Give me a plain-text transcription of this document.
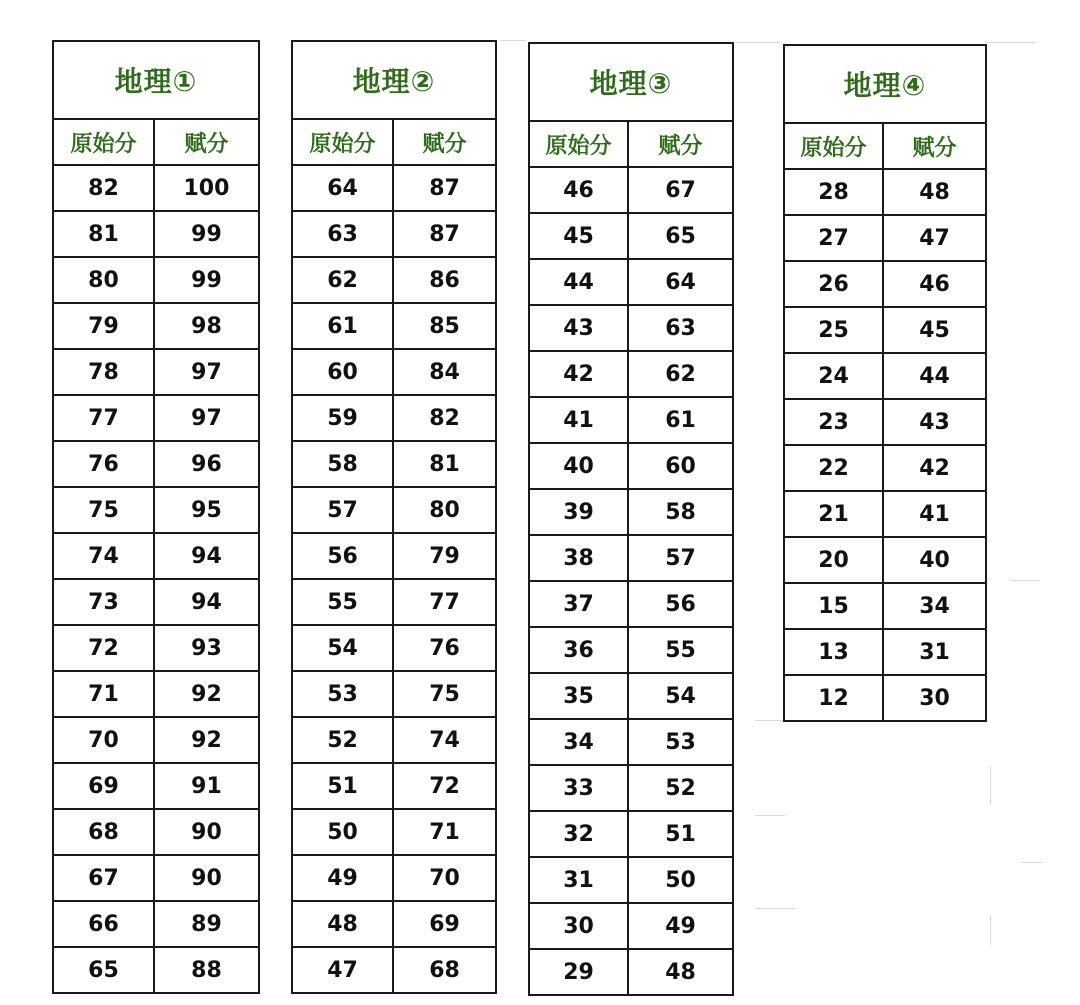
地理①	
原始分	赋分
82	100
81	99
80	99
79	98
78	97
77	97
76	96
75	95
74	94
73	94
72	93
71	92
70	92
69	91
68	90
67	90
66	89
65	88
地理②	
原始分	赋分
64	87
63	87
62	86
61	85
60	84
59	82
58	81
57	80
56	79
55	77
54	76
53	75
52	74
51	72
50	71
49	70
48	69
47	68
地理③	
原始分	赋分
46	67
45	65
44	64
43	63
42	62
41	61
40	60
39	58
38	57
37	56
36	55
35	54
34	53
33	52
32	51
31	50
30	49
29	48
地理④	
原始分	赋分
28	48
27	47
26	46
25	45
24	44
23	43
22	42
21	41
20	40
15	34
13	31
12	30
